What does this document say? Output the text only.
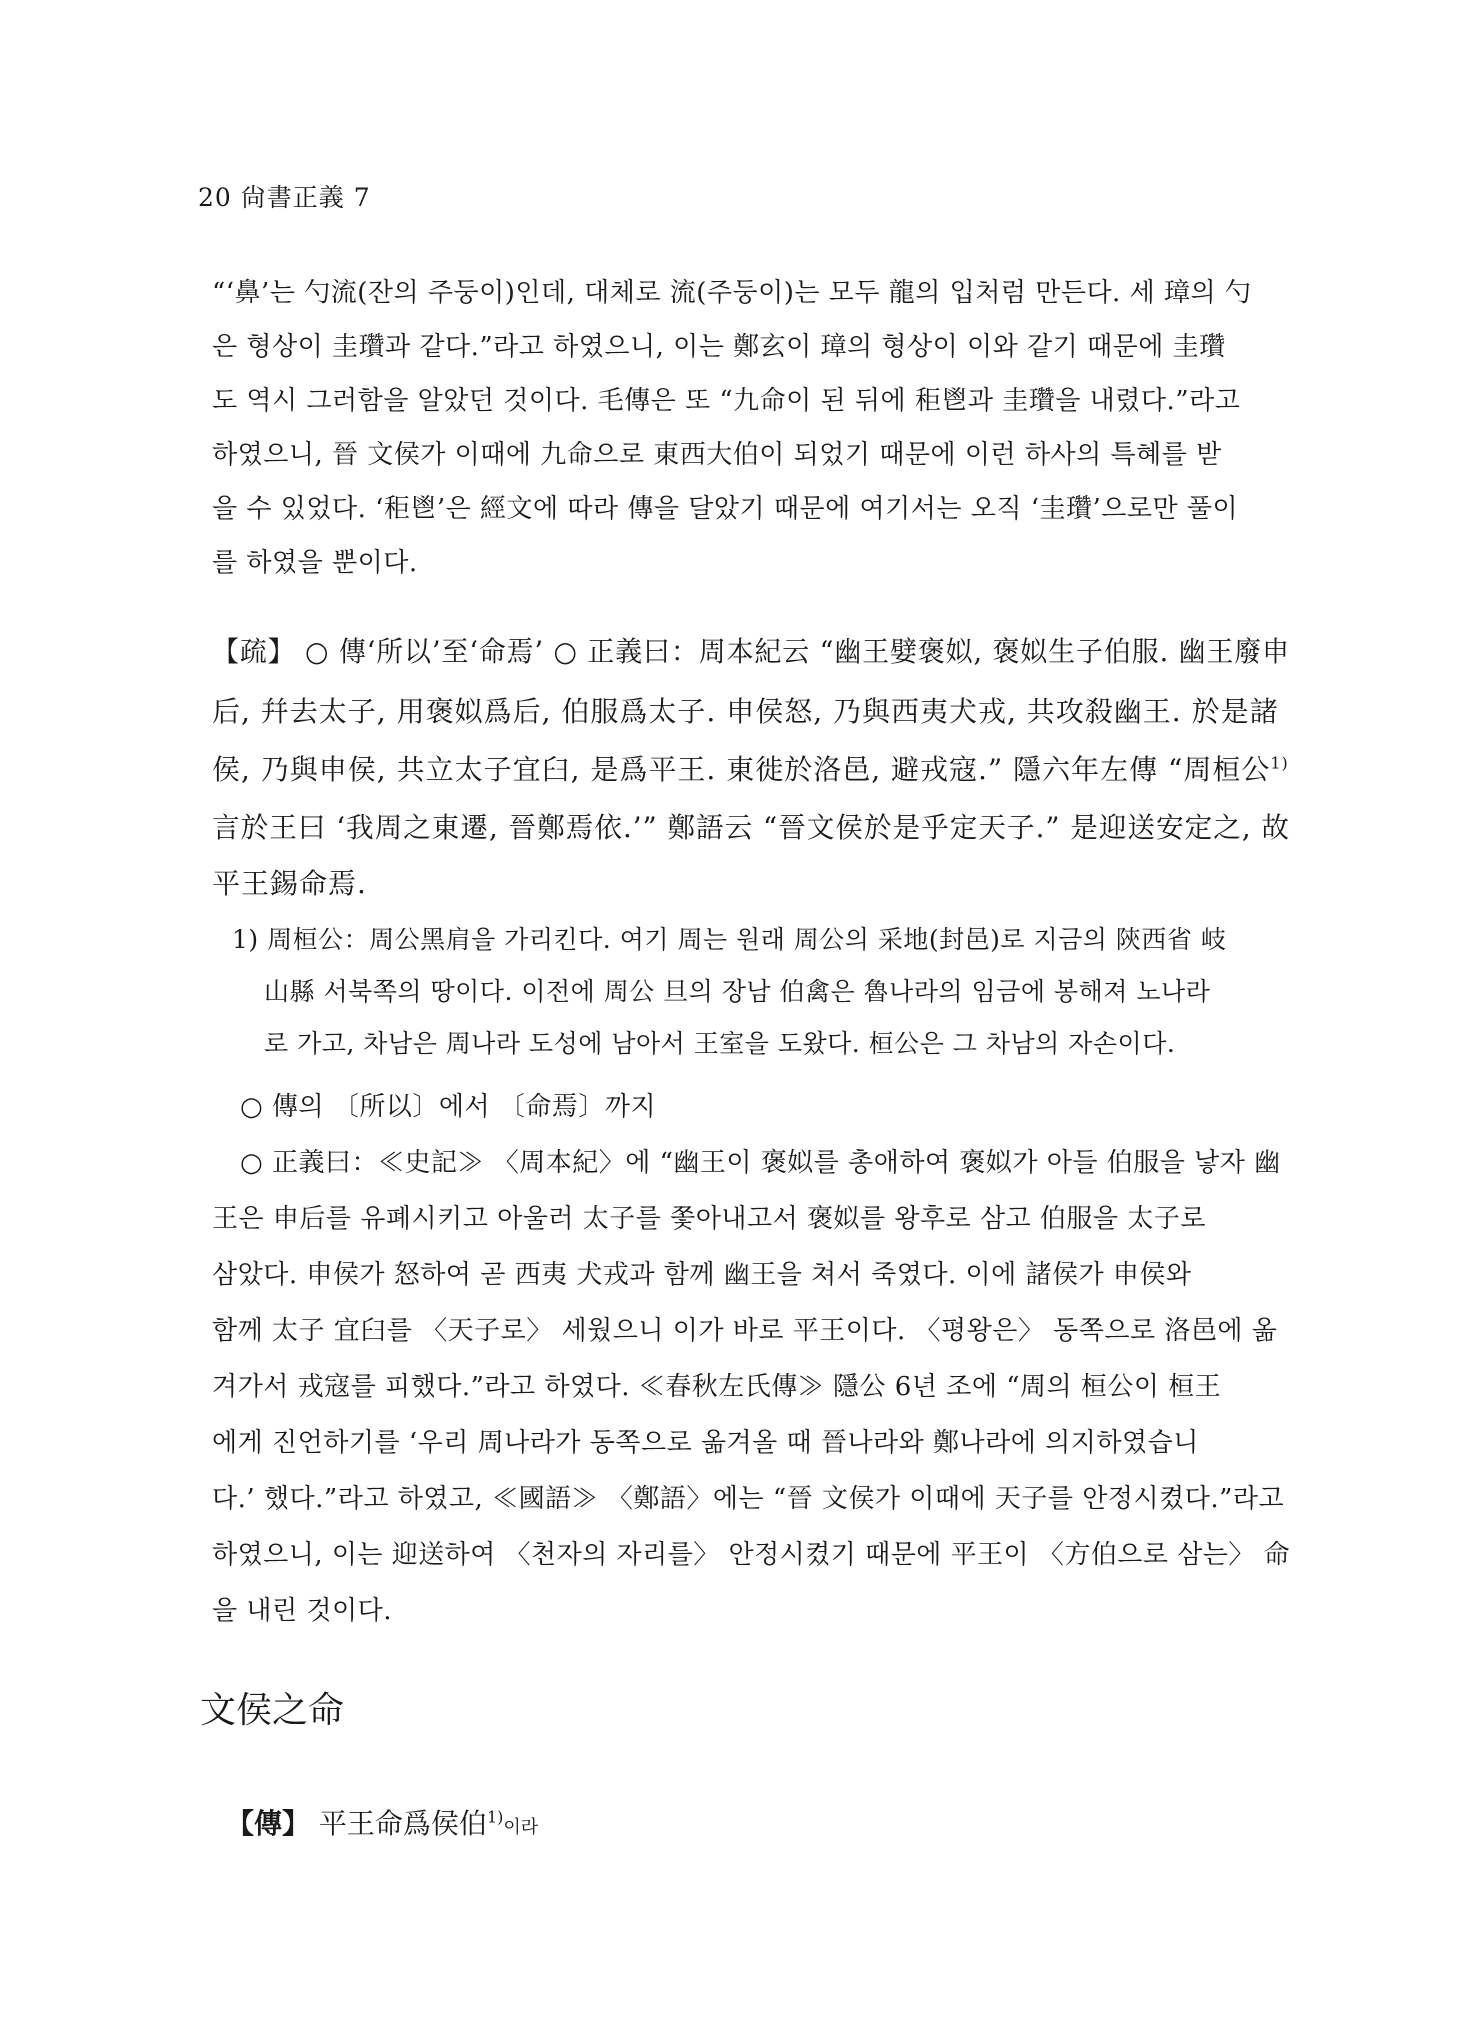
20 尙書正義 7
“‘鼻’는 勺流(잔의 주둥이)인데, 대체로 流(주둥이)는 모두 龍의 입처럼 만든다. 세 璋의 勺
은 형상이 圭瓚과 같다.”라고 하였으니, 이는 鄭玄이 璋의 형상이 이와 같기 때문에 圭瓚
도 역시 그러함을 알았던 것이다. 毛傳은 또 “九命이 된 뒤에 秬鬯과 圭瓚을 내렸다.”라고
하였으니, 晉 文侯가 이때에 九命으로 東西大伯이 되었기 때문에 이런 하사의 특혜를 받
을 수 있었다. ‘秬鬯’은 經文에 따라 傳을 달았기 때문에 여기서는 오직 ‘圭瓚’으로만 풀이
를 하였을 뿐이다.
【疏】 ○ 傳‘所以’至‘命焉’ ○ 正義曰：周本紀云 “幽王嬖褒姒, 褒姒生子伯服. 幽王廢申
后, 幷去太子, 用褒姒爲后, 伯服爲太子. 申侯怒, 乃與西夷犬戎, 共攻殺幽王. 於是諸
侯, 乃與申侯, 共立太子宜臼, 是爲平王. 東徙於洛邑, 避戎寇.” 隱六年左傳 “周桓公$^{1)}$
言於王曰 ‘我周之東遷, 晉鄭焉依.’” 鄭語云 “晉文侯於是乎定天子.” 是迎送安定之, 故
平王錫命焉.
1) 周桓公：周公黑肩을 가리킨다. 여기 周는 원래 周公의 采地(封邑)로 지금의 陝西省 岐
山縣 서북쪽의 땅이다. 이전에 周公 旦의 장남 伯禽은 魯나라의 임금에 봉해져 노나라
로 가고, 차남은 周나라 도성에 남아서 王室을 도왔다. 桓公은 그 차남의 자손이다.
○ 傳의 〔所以〕에서 〔命焉〕까지
○ 正義曰：≪史記≫ 〈周本紀〉에 “幽王이 褒姒를 총애하여 褒姒가 아들 伯服을 낳자 幽
王은 申后를 유폐시키고 아울러 太子를 쫓아내고서 褒姒를 왕후로 삼고 伯服을 太子로
삼았다. 申侯가 怒하여 곧 西夷 犬戎과 함께 幽王을 쳐서 죽였다. 이에 諸侯가 申侯와
함께 太子 宜臼를 〈天子로〉 세웠으니 이가 바로 平王이다. 〈평왕은〉 동쪽으로 洛邑에 옮
겨가서 戎寇를 피했다.”라고 하였다. ≪春秋左氏傳≫ 隱公 6년 조에 “周의 桓公이 桓王
에게 진언하기를 ‘우리 周나라가 동쪽으로 옮겨올 때 晉나라와 鄭나라에 의지하였습니
다.’ 했다.”라고 하였고, ≪國語≫ 〈鄭語〉에는 “晉 文侯가 이때에 天子를 안정시켰다.”라고
하였으니, 이는 迎送하여 〈천자의 자리를〉 안정시켰기 때문에 平王이 〈方伯으로 삼는〉 命
을 내린 것이다.
文侯之命
【傳】 平王命爲侯伯$^{1)}$이라
